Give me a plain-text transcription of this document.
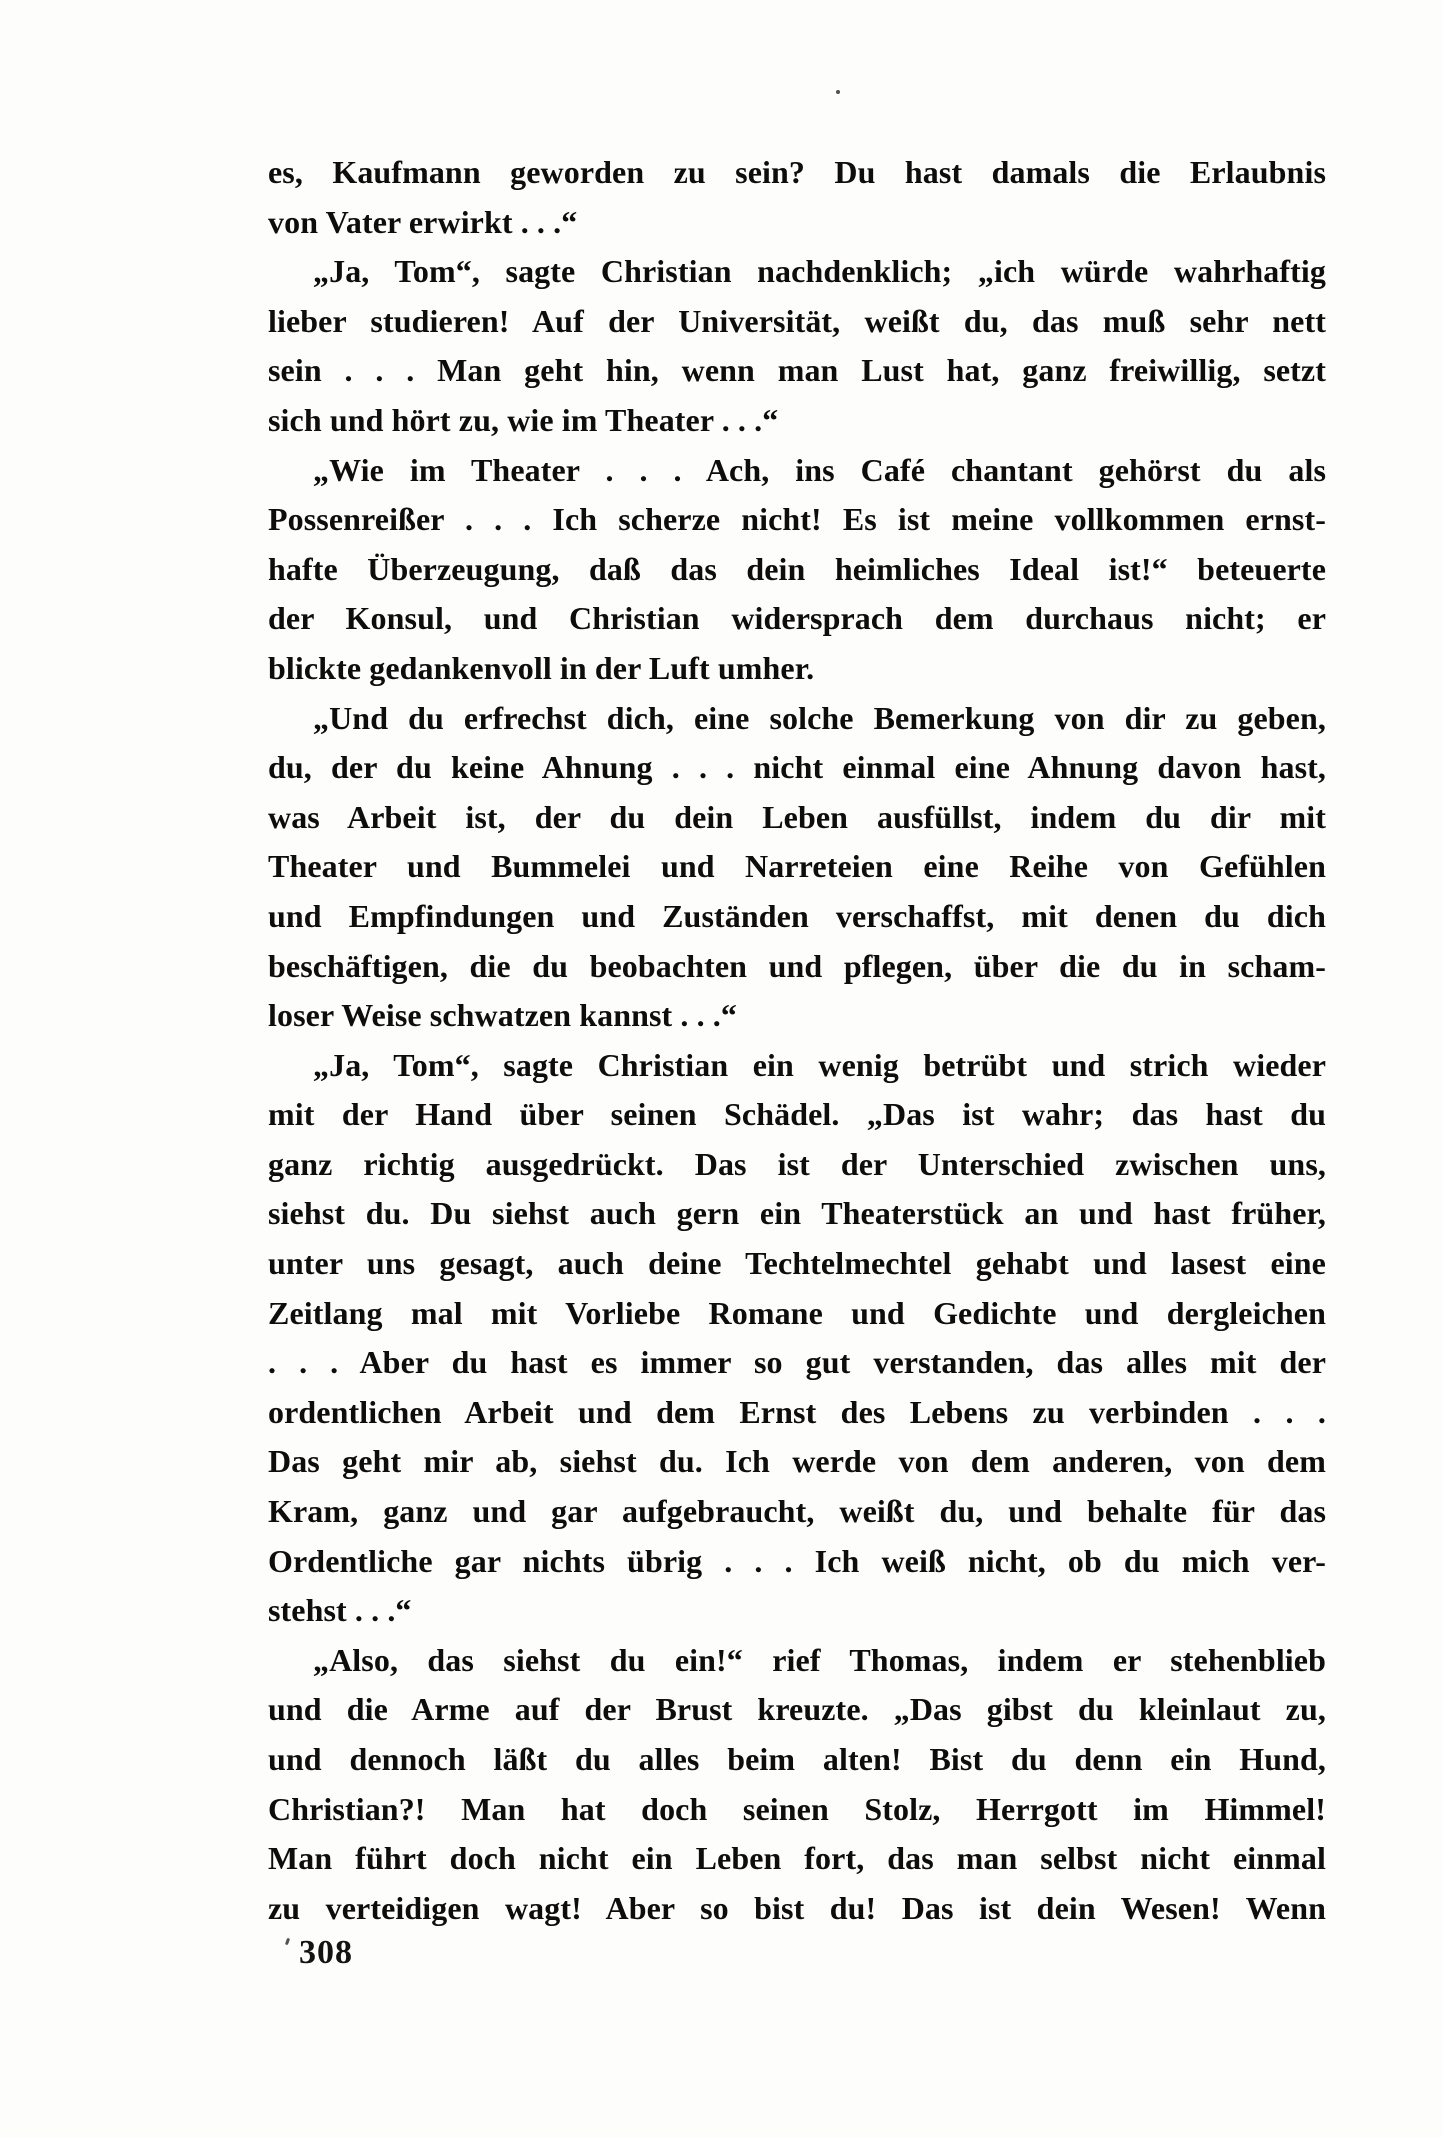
es, Kaufmann geworden zu sein? Du hast damals die Erlaubnis
von Vater erwirkt . . .“
„Ja, Tom“, sagte Christian nachdenklich; „ich würde wahrhaftig
lieber studieren! Auf der Universität, weißt du, das muß sehr nett
sein . . . Man geht hin, wenn man Lust hat, ganz freiwillig, setzt
sich und hört zu, wie im Theater . . .“
„Wie im Theater . . . Ach, ins Café chantant gehörst du als
Possenreißer . . . Ich scherze nicht! Es ist meine vollkommen ernst-
hafte Überzeugung, daß das dein heimliches Ideal ist!“ beteuerte
der Konsul, und Christian widersprach dem durchaus nicht; er
blickte gedankenvoll in der Luft umher.
„Und du erfrechst dich, eine solche Bemerkung von dir zu geben,
du, der du keine Ahnung . . . nicht einmal eine Ahnung davon hast,
was Arbeit ist, der du dein Leben ausfüllst, indem du dir mit
Theater und Bummelei und Narreteien eine Reihe von Gefühlen
und Empfindungen und Zuständen verschaffst, mit denen du dich
beschäftigen, die du beobachten und pflegen, über die du in scham-
loser Weise schwatzen kannst . . .“
„Ja, Tom“, sagte Christian ein wenig betrübt und strich wieder
mit der Hand über seinen Schädel. „Das ist wahr; das hast du
ganz richtig ausgedrückt. Das ist der Unterschied zwischen uns,
siehst du. Du siehst auch gern ein Theaterstück an und hast früher,
unter uns gesagt, auch deine Techtelmechtel gehabt und lasest eine
Zeitlang mal mit Vorliebe Romane und Gedichte und dergleichen
. . . Aber du hast es immer so gut verstanden, das alles mit der
ordentlichen Arbeit und dem Ernst des Lebens zu verbinden . . .
Das geht mir ab, siehst du. Ich werde von dem anderen, von dem
Kram, ganz und gar aufgebraucht, weißt du, und behalte für das
Ordentliche gar nichts übrig . . . Ich weiß nicht, ob du mich ver-
stehst . . .“
„Also, das siehst du ein!“ rief Thomas, indem er stehenblieb
und die Arme auf der Brust kreuzte. „Das gibst du kleinlaut zu,
und dennoch läßt du alles beim alten! Bist du denn ein Hund,
Christian?! Man hat doch seinen Stolz, Herrgott im Himmel!
Man führt doch nicht ein Leben fort, das man selbst nicht einmal
zu verteidigen wagt! Aber so bist du! Das ist dein Wesen! Wenn
308
